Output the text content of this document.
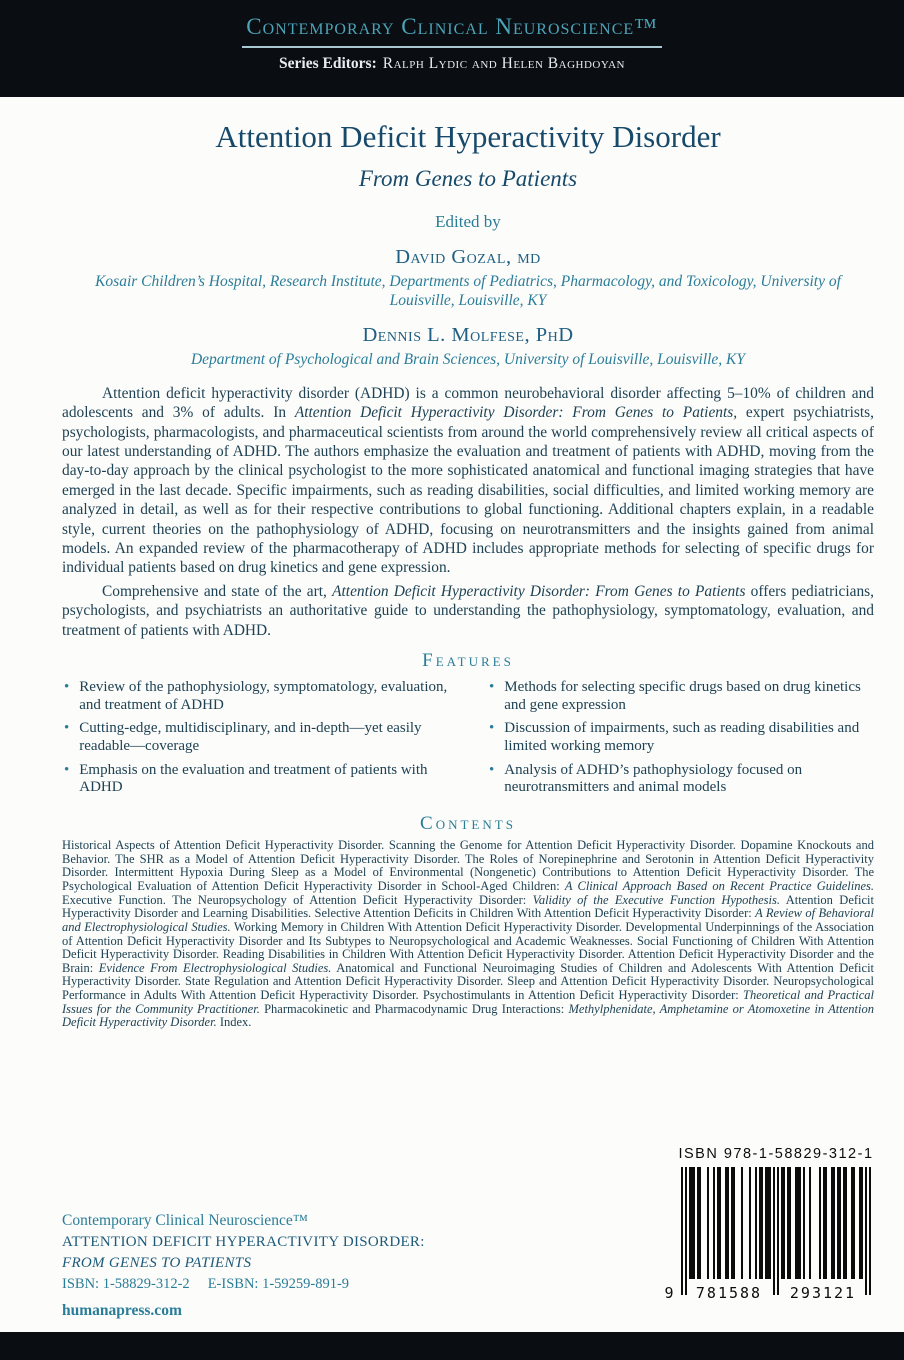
Contemporary Clinical Neuroscience™
Series Editors: Ralph Lydic and Helen Baghdoyan
Attention Deficit Hyperactivity Disorder
From Genes to Patients
Edited by
David Gozal, md
Kosair Children’s Hospital, Research Institute, Departments of Pediatrics, Pharmacology, and Toxicology, University of Louisville, Louisville, KY
Dennis L. Molfese, PhD
Department of Psychological and Brain Sciences, University of Louisville, Louisville, KY

Attention deficit hyperactivity disorder (ADHD) is a common neurobehavioral disorder affecting 5–10% of children and adolescents and 3% of adults. In Attention Deficit Hyperactivity Disorder: From Genes to Patients, expert psychiatrists, psychologists, pharmacologists, and pharmaceutical scientists from around the world comprehensively review all critical aspects of our latest understanding of ADHD. The authors emphasize the evaluation and treatment of patients with ADHD, moving from the day-to-day approach by the clinical psychologist to the more sophisticated anatomical and functional imaging strategies that have emerged in the last decade. Specific impairments, such as reading disabilities, social difficulties, and limited working memory are analyzed in detail, as well as for their respective contributions to global functioning. Additional chapters explain, in a readable style, current theories on the pathophysiology of ADHD, focusing on neurotransmitters and the insights gained from animal models. An expanded review of the pharmacotherapy of ADHD includes appropriate methods for selecting of specific drugs for individual patients based on drug kinetics and gene expression.

Comprehensive and state of the art, Attention Deficit Hyperactivity Disorder: From Genes to Patients offers pediatricians, psychologists, and psychiatrists an authoritative guide to understanding the pathophysiology, symptomatology, evaluation, and treatment of patients with ADHD.

Features
• Review of the pathophysiology, symptomatology, evaluation, and treatment of ADHD
• Cutting-edge, multidisciplinary, and in-depth—yet easily readable—coverage
• Emphasis on the evaluation and treatment of patients with ADHD
• Methods for selecting specific drugs based on drug kinetics and gene expression
• Discussion of impairments, such as reading disabilities and limited working memory
• Analysis of ADHD’s pathophysiology focused on neurotransmitters and animal models
Contents

Historical Aspects of Attention Deficit Hyperactivity Disorder. Scanning the Genome for Attention Deficit Hyperactivity Disorder. Dopamine Knockouts and Behavior. The SHR as a Model of Attention Deficit Hyperactivity Disorder. The Roles of Norepinephrine and Serotonin in Attention Deficit Hyperactivity Disorder. Intermittent Hypoxia During Sleep as a Model of Environmental (Nongenetic) Contributions to Attention Deficit Hyperactivity Disorder. The Psychological Evaluation of Attention Deficit Hyperactivity Disorder in School-Aged Children: A Clinical Approach Based on Recent Practice Guidelines. Executive Function. The Neuropsychology of Attention Deficit Hyperactivity Disorder: Validity of the Executive Function Hypothesis. Attention Deficit Hyperactivity Disorder and Learning Disabilities. Selective Attention Deficits in Children With Attention Deficit Hyperactivity Disorder: A Review of Behavioral and Electrophysiological Studies. Working Memory in Children With Attention Deficit Hyperactivity Disorder. Developmental Underpinnings of the Association of Attention Deficit Hyperactivity Disorder and Its Subtypes to Neuropsychological and Academic Weaknesses. Social Functioning of Children With Attention Deficit Hyperactivity Disorder. Reading Disabilities in Children With Attention Deficit Hyperactivity Disorder. Attention Deficit Hyperactivity Disorder and the Brain: Evidence From Electrophysiological Studies. Anatomical and Functional Neuroimaging Studies of Children and Adolescents With Attention Deficit Hyperactivity Disorder. State Regulation and Attention Deficit Hyperactivity Disorder. Sleep and Attention Deficit Hyperactivity Disorder. Neuropsychological Performance in Adults With Attention Deficit Hyperactivity Disorder. Psychostimulants in Attention Deficit Hyperactivity Disorder: Theoretical and Practical Issues for the Community Practitioner. Pharmacokinetic and Pharmacodynamic Drug Interactions: Methylphenidate, Amphetamine or Atomoxetine in Attention Deficit Hyperactivity Disorder. Index.

ISBN 978-1-58829-312-1
9 781588 293121
Contemporary Clinical Neuroscience™
ATTENTION DEFICIT HYPERACTIVITY DISORDER:
FROM GENES TO PATIENTS
ISBN: 1-58829-312-2 E-ISBN: 1-59259-891-9
humanapress.com
